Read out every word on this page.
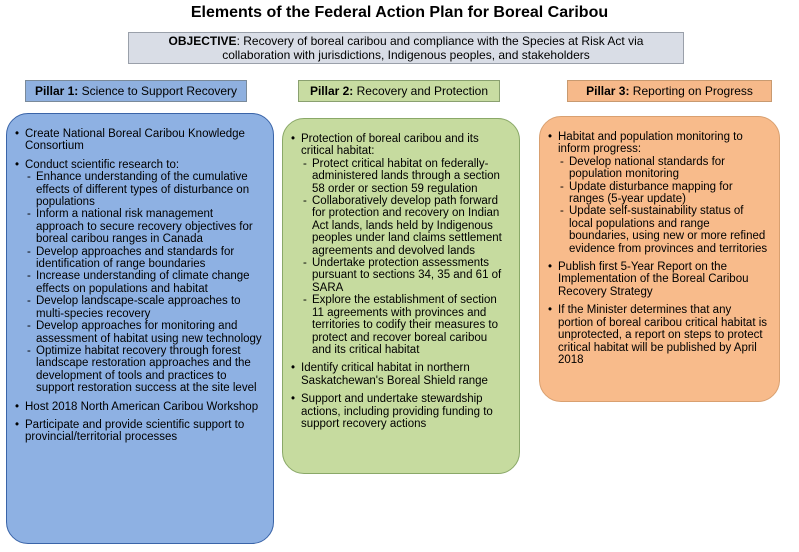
Elements of the Federal Action Plan for Boreal Caribou
OBJECTIVE: Recovery of boreal caribou and compliance with the Species at Risk Act via collaboration with jurisdictions, Indigenous peoples, and stakeholders
Pillar 1: Science to Support Recovery	Pillar 2: Recovery and Protection	Pillar 3: Reporting on Progress
• Create National Boreal Caribou Knowledge Consortium
• Conduct scientific research to:
- Enhance understanding of the cumulative effects of different types of disturbance on populations
- Inform a national risk management approach to secure recovery objectives for boreal caribou ranges in Canada
- Develop approaches and standards for identification of range boundaries
- Increase understanding of climate change effects on populations and habitat
- Develop landscape-scale approaches to multi-species recovery
- Develop approaches for monitoring and assessment of habitat using new technology
- Optimize habitat recovery through forest landscape restoration approaches and the development of tools and practices to support restoration success at the site level
• Host 2018 North American Caribou Workshop
• Participate and provide scientific support to provincial/territorial processes
• Protection of boreal caribou and its critical habitat:
- Protect critical habitat on federally-administered lands through a section 58 order or section 59 regulation
- Collaboratively develop path forward for protection and recovery on Indian Act lands, lands held by Indigenous peoples under land claims settlement agreements and devolved lands
- Undertake protection assessments pursuant to sections 34, 35 and 61 of SARA
- Explore the establishment of section 11 agreements with provinces and territories to codify their measures to protect and recover boreal caribou and its critical habitat
• Identify critical habitat in northern Saskatchewan's Boreal Shield range
• Support and undertake stewardship actions, including providing funding to support recovery actions
• Habitat and population monitoring to inform progress:
- Develop national standards for population monitoring
- Update disturbance mapping for ranges (5-year update)
- Update self-sustainability status of local populations and range boundaries, using new or more refined evidence from provinces and territories
• Publish first 5-Year Report on the Implementation of the Boreal Caribou Recovery Strategy
• If the Minister determines that any portion of boreal caribou critical habitat is unprotected, a report on steps to protect critical habitat will be published by April 2018
